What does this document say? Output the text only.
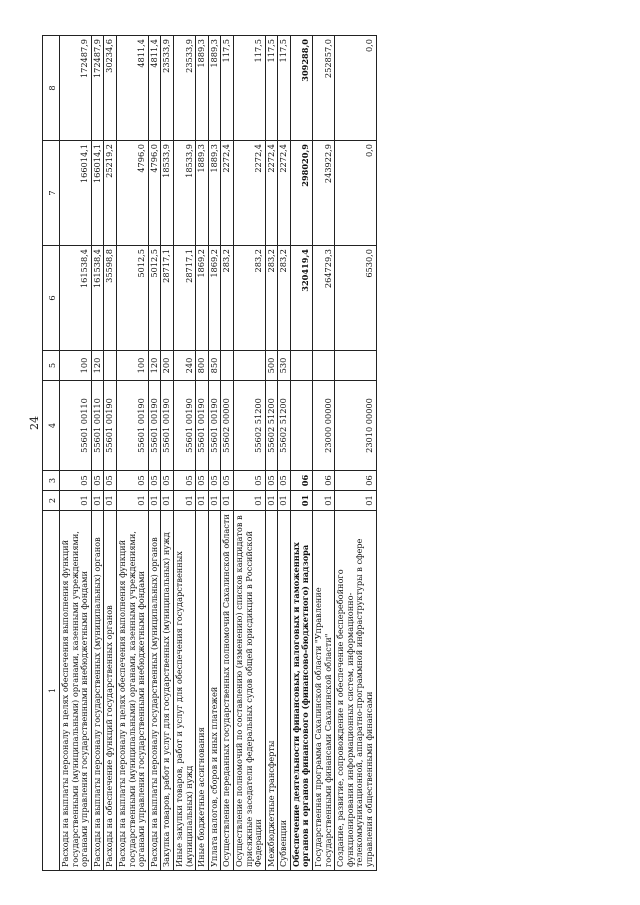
24
1	2	3	4	5	6	7	8
Расходы на выплаты персоналу в целях обеспечения выполнения функций государственными (муниципальными) органами, казенными учреждениями, органами управления государственными внебюджетными фондами	01	05	55601 00110	100	161538,4	166014,1	172487,9
Расходы на выплаты персоналу государственных (муниципальных) органов	01	05	55601 00110	120	161538,4	166014,1	172487,9
Расходы на обеспечение функций государственных органов	01	05	55601 00190		35598,8	25219,2	30234,6
Расходы на выплаты персоналу в целях обеспечения выполнения функций государственными (муниципальными) органами, казенными учреждениями, органами управления государственными внебюджетными фондами	01	05	55601 00190	100	5012,5	4796,0	4811,4
Расходы на выплаты персоналу государственных (муниципальных) органов	01	05	55601 00190	120	5012,5	4796,0	4811,4
Закупка товаров, работ и услуг для государственных (муниципальных) нужд	01	05	55601 00190	200	28717,1	18533,9	23533,9
Иные закупки товаров, работ и услуг для обеспечения государственных (муниципальных) нужд	01	05	55601 00190	240	28717,1	18533,9	23533,9
Иные бюджетные ассигнования	01	05	55601 00190	800	1869,2	1889,3	1889,3
Уплата налогов, сборов и иных платежей	01	05	55601 00190	850	1869,2	1889,3	1889,3
Осуществление переданных государственных полномочий Сахалинской области	01	05	55602 00000		283,2	2272,4	117,5
Осуществление полномочий по составлению (изменению) списков кандидатов в присяжные заседатели федеральных судов общей юрисдикции в Российской Федерации	01	05	55602 51200		283,2	2272,4	117,5
Межбюджетные трансферты	01	05	55602 51200	500	283,2	2272,4	117,5
Субвенции	01	05	55602 51200	530	283,2	2272,4	117,5
Обеспечение деятельности финансовых, налоговых и таможенных органов и органов финансового (финансово-бюджетного) надзора	01	06			320419,4	298020,9	309288,0
Государственная программа Сахалинской области "Управление государственными финансами Сахалинской области"	01	06	23000 00000		264729,3	243922,9	252857,0
Создание, развитие, сопровождение и обеспечение бесперебойного функционирования информационных систем, информационно-телекоммуникационной, аппаратно-программной инфраструктуры в сфере управления общественными финансами	01	06	23010 00000		6530,0	0,0	0,0
